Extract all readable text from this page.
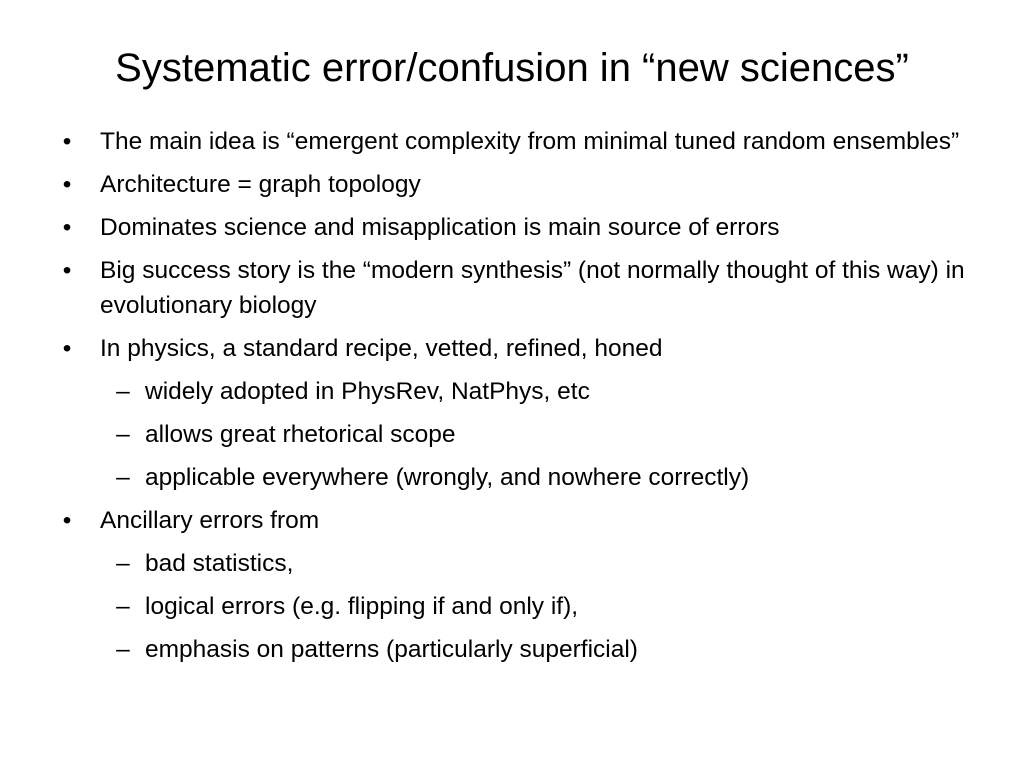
Systematic error/confusion in “new sciences”
• The main idea is “emergent complexity from minimal tuned random ensembles”
• Architecture = graph topology
• Dominates science and misapplication is main source of errors
• Big success story is the “modern synthesis” (not normally thought of this way) in evolutionary biology
• In physics, a standard recipe, vetted, refined, honed
– widely adopted in PhysRev, NatPhys, etc
– allows great rhetorical scope
– applicable everywhere (wrongly, and nowhere correctly)
• Ancillary errors from
– bad statistics,
– logical errors (e.g. flipping if and only if),
– emphasis on patterns (particularly superficial)
